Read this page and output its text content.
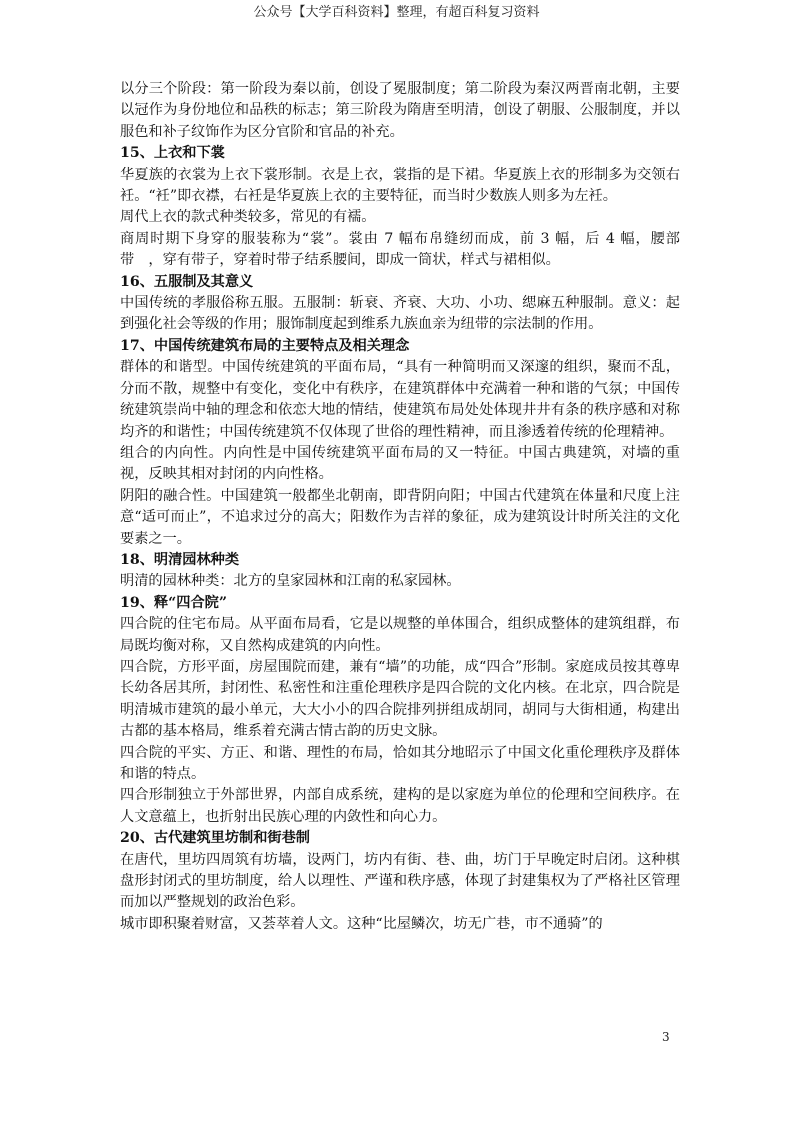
公众号【大学百科资料】整理，有超百科复习资料

以分三个阶段：第一阶段为秦以前，创设了冕服制度；第二阶段为秦汉两晋南北朝，主要以冠作为身份地位和品秩的标志；第三阶段为隋唐至明清，创设了朝服、公服制度，并以服色和补子纹饰作为区分官阶和官品的补充。

15、上衣和下裳

华夏族的衣裳为上衣下裳形制。衣是上衣，裳指的是下裙。华夏族上衣的形制多为交领右衽。“衽”即衣襟，右衽是华夏族上衣的主要特征，而当时少数族人则多为左衽。

周代上衣的款式种类较多，常见的有襦。

商周时期下身穿的服装称为“裳”。裳由 7 幅布帛缝纫而成，前 3 幅，后 4 幅，腰部带　，穿有带子，穿着时带子结系腰间，即成一筒状，样式与裙相似。

16、五服制及其意义

中国传统的孝服俗称五服。五服制：斩衰、齐衰、大功、小功、缌麻五种服制。意义：起到强化社会等级的作用；服饰制度起到维系九族血亲为纽带的宗法制的作用。

17、中国传统建筑布局的主要特点及相关理念

群体的和谐型。中国传统建筑的平面布局，“具有一种简明而又深邃的组织，聚而不乱，分而不散，规整中有变化，变化中有秩序，在建筑群体中充满着一种和谐的气氛；中国传统建筑崇尚中轴的理念和依恋大地的情结，使建筑布局处处体现井井有条的秩序感和对称均齐的和谐性；中国传统建筑不仅体现了世俗的理性精神，而且渗透着传统的伦理精神。

组合的内向性。内向性是中国传统建筑平面布局的又一特征。中国古典建筑，对墙的重视，反映其相对封闭的内向性格。

阴阳的融合性。中国建筑一般都坐北朝南，即背阴向阳；中国古代建筑在体量和尺度上注意“适可而止”，不追求过分的高大；阳数作为吉祥的象征，成为建筑设计时所关注的文化要素之一。

18、明清园林种类

明清的园林种类：北方的皇家园林和江南的私家园林。

19、释“四合院”

四合院的住宅布局。从平面布局看，它是以规整的单体围合，组织成整体的建筑组群，布局既均衡对称，又自然构成建筑的内向性。

四合院，方形平面，房屋围院而建，兼有“墙”的功能，成“四合”形制。家庭成员按其尊卑长幼各居其所，封闭性、私密性和注重伦理秩序是四合院的文化内核。在北京，四合院是明清城市建筑的最小单元，大大小小的四合院排列拼组成胡同，胡同与大街相通，构建出古都的基本格局，维系着充满古情古韵的历史文脉。

四合院的平实、方正、和谐、理性的布局，恰如其分地昭示了中国文化重伦理秩序及群体和谐的特点。

四合形制独立于外部世界，内部自成系统，建构的是以家庭为单位的伦理和空间秩序。在人文意蕴上，也折射出民族心理的内敛性和向心力。

20、古代建筑里坊制和街巷制

在唐代，里坊四周筑有坊墙，设两门，坊内有街、巷、曲，坊门于早晚定时启闭。这种棋盘形封闭式的里坊制度，给人以理性、严谨和秩序感，体现了封建集权为了严格社区管理而加以严整规划的政治色彩。

城市即积聚着财富，又荟萃着人文。这种“比屋鳞次，坊无广巷，市不通骑”的

3
